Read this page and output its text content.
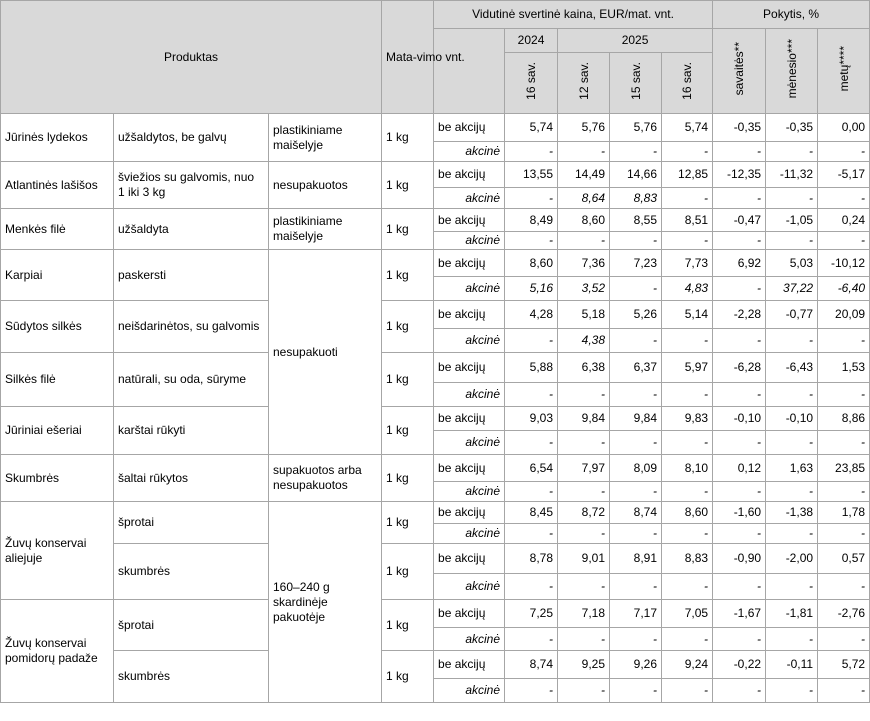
Produktas			Mata-vimo vnt.	Vidutinė svertinė kaina, EUR/mat. vnt.					Pokytis, %		
					2024	2025			savaitės**	mėnesio***	metų****
					16 sav.	12 sav.	15 sav.	16 sav.			
Jūrinės lydekos	užšaldytos, be galvų	plastikiniame maišelyje	1 kg	be akcijų	5,74	5,76	5,76	5,74	-0,35	-0,35	0,00
				akcinė	-	-	-	-	-	-	-
Atlantinės lašišos	šviežios su galvomis, nuo 1 iki 3 kg	nesupakuotos	1 kg	be akcijų	13,55	14,49	14,66	12,85	-12,35	-11,32	-5,17
				akcinė	-	8,64	8,83	-	-	-	-
Menkės filė	užšaldyta	plastikiniame maišelyje	1 kg	be akcijų	8,49	8,60	8,55	8,51	-0,47	-1,05	0,24
				akcinė	-	-	-	-	-	-	-
Karpiai	paskersti	nesupakuoti	1 kg	be akcijų	8,60	7,36	7,23	7,73	6,92	5,03	-10,12
				akcinė	5,16	3,52	-	4,83	-	37,22	-6,40
Sūdytos silkės	neišdarinėtos, su galvomis		1 kg	be akcijų	4,28	5,18	5,26	5,14	-2,28	-0,77	20,09
				akcinė	-	4,38	-	-	-	-	-
Silkės filė	natūrali, su oda, sūryme		1 kg	be akcijų	5,88	6,38	6,37	5,97	-6,28	-6,43	1,53
				akcinė	-	-	-	-	-	-	-
Jūriniai ešeriai	karštai rūkyti		1 kg	be akcijų	9,03	9,84	9,84	9,83	-0,10	-0,10	8,86
				akcinė	-	-	-	-	-	-	-
Skumbrės	šaltai rūkytos	supakuotos arba nesupakuotos	1 kg	be akcijų	6,54	7,97	8,09	8,10	0,12	1,63	23,85
				akcinė	-	-	-	-	-	-	-
Žuvų konservai aliejuje	šprotai	160–240 g skardinėje pakuotėje	1 kg	be akcijų	8,45	8,72	8,74	8,60	-1,60	-1,38	1,78
				akcinė	-	-	-	-	-	-	-
	skumbrės		1 kg	be akcijų	8,78	9,01	8,91	8,83	-0,90	-2,00	0,57
				akcinė	-	-	-	-	-	-	-
Žuvų konservai pomidorų padaže	šprotai		1 kg	be akcijų	7,25	7,18	7,17	7,05	-1,67	-1,81	-2,76
				akcinė	-	-	-	-	-	-	-
	skumbrės		1 kg	be akcijų	8,74	9,25	9,26	9,24	-0,22	-0,11	5,72
				akcinė	-	-	-	-	-	-	-
